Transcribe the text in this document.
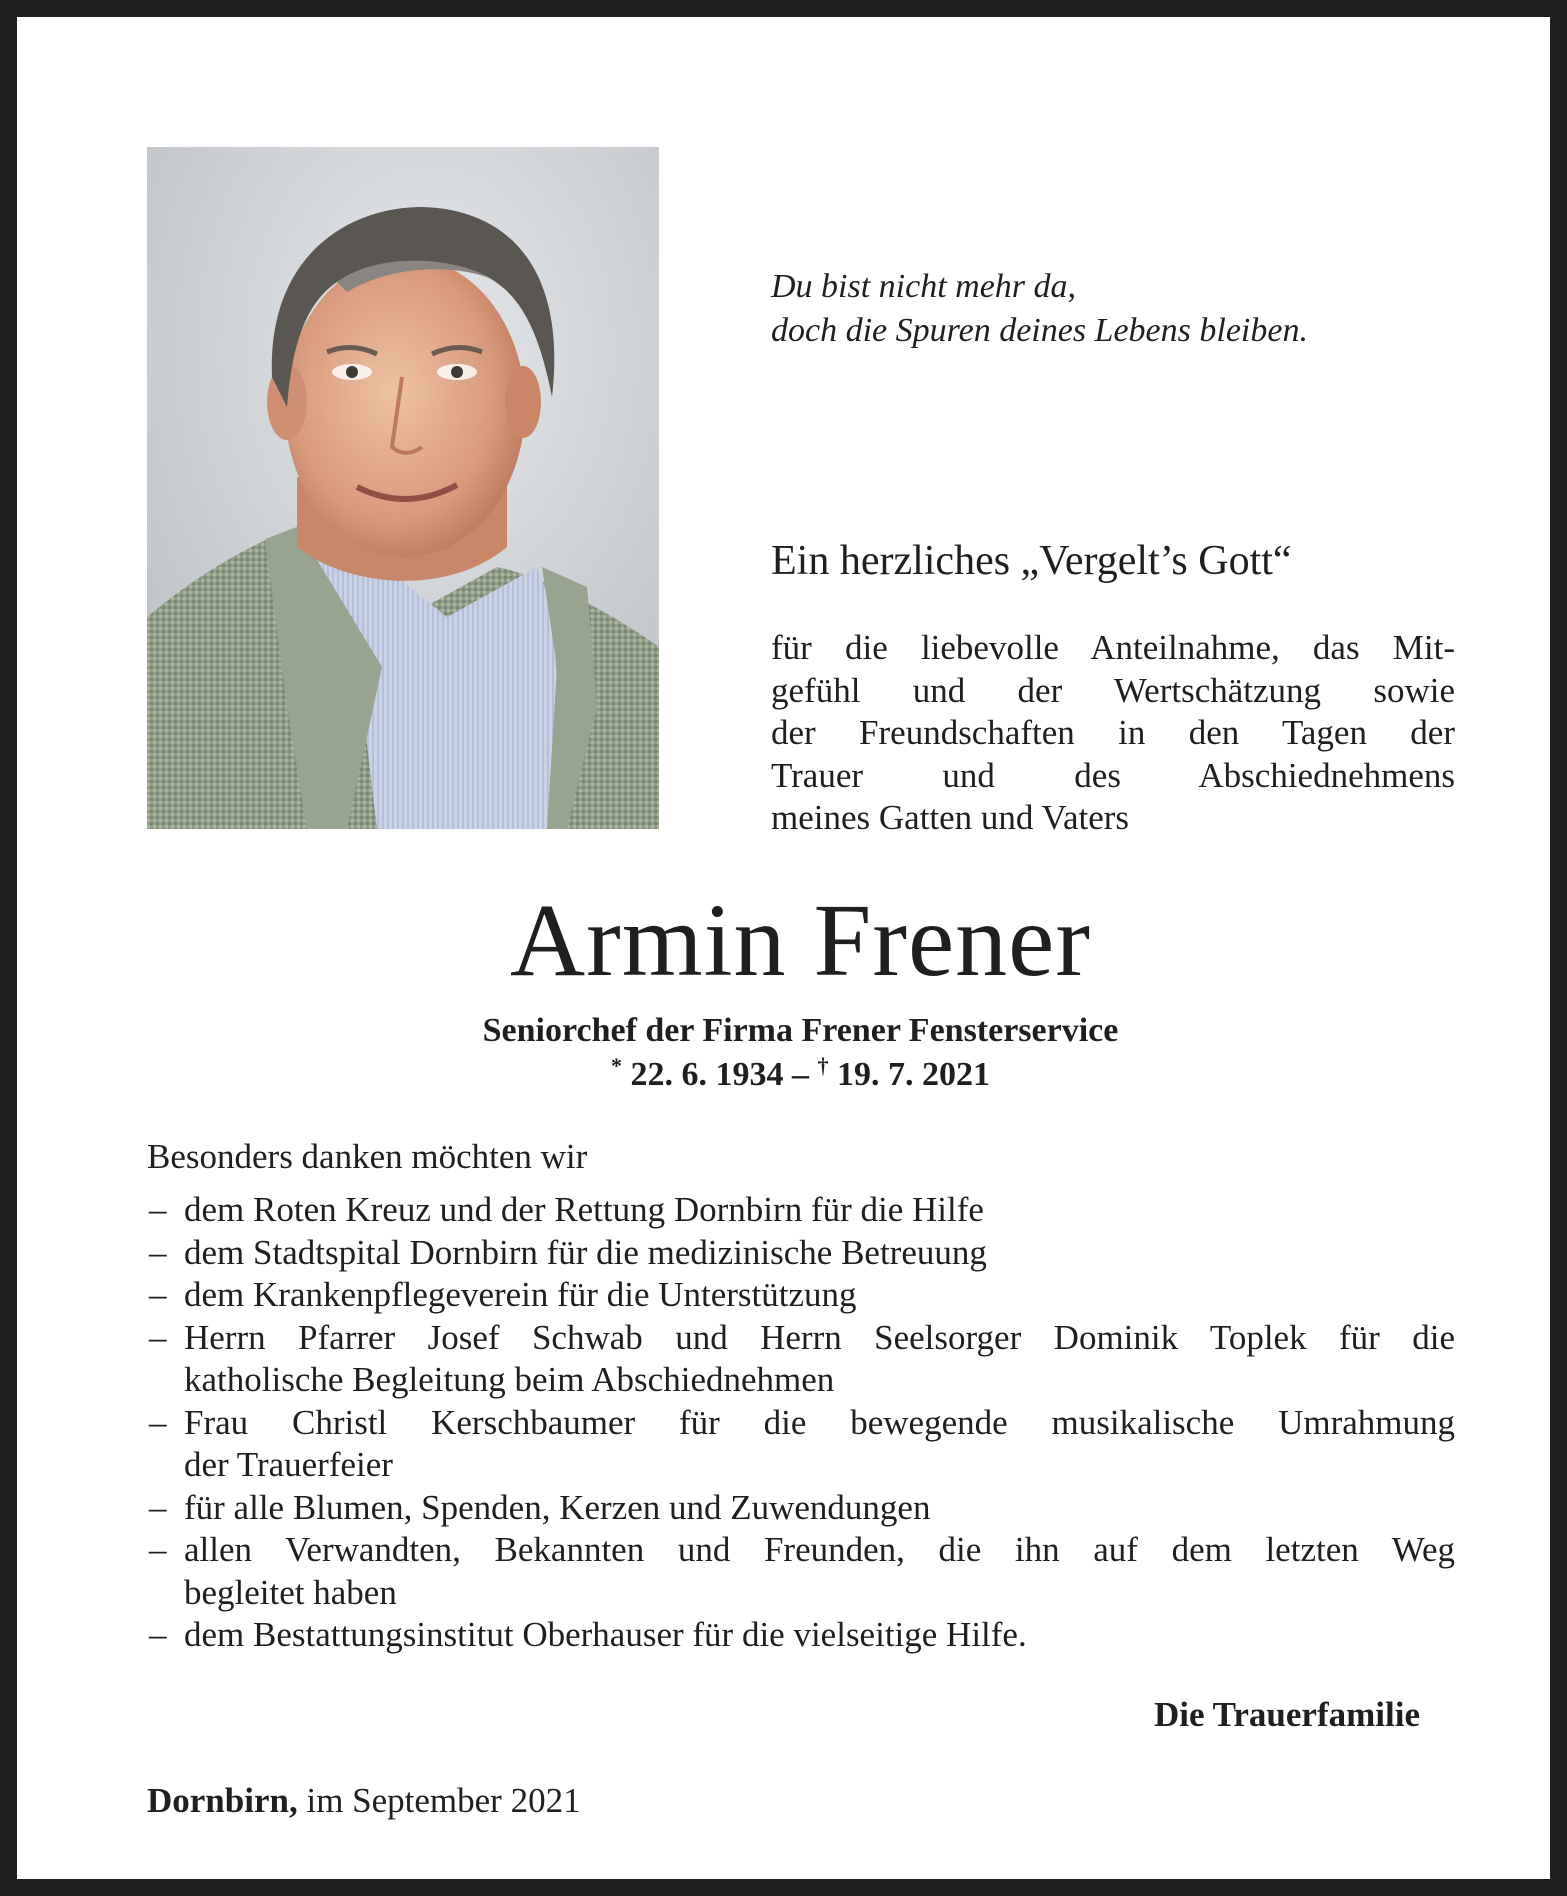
Du bist nicht mehr da,
doch die Spuren deines Lebens bleiben.
Ein herzliches „Vergelt’s Gott“
für die liebevolle Anteilnahme, das Mit-
gefühl und der Wertschätzung sowie
der Freundschaften in den Tagen der
Trauer und des Abschiednehmens
meines Gatten und Vaters
Armin Frener
Seniorchef der Firma Frener Fensterservice
* 22. 6. 1934 – † 19. 7. 2021
Besonders danken möchten wir
– dem Roten Kreuz und der Rettung Dornbirn für die Hilfe
– dem Stadtspital Dornbirn für die medizinische Betreuung
– dem Krankenpflegeverein für die Unterstützung
– Herrn Pfarrer Josef Schwab und Herrn Seelsorger Dominik Toplek für die
katholische Begleitung beim Abschiednehmen
– Frau Christl Kerschbaumer für die bewegende musikalische Umrahmung
der Trauerfeier
– für alle Blumen, Spenden, Kerzen und Zuwendungen
– allen Verwandten, Bekannten und Freunden, die ihn auf dem letzten Weg
begleitet haben
– dem Bestattungsinstitut Oberhauser für die vielseitige Hilfe.
Die Trauerfamilie
Dornbirn, im September 2021
